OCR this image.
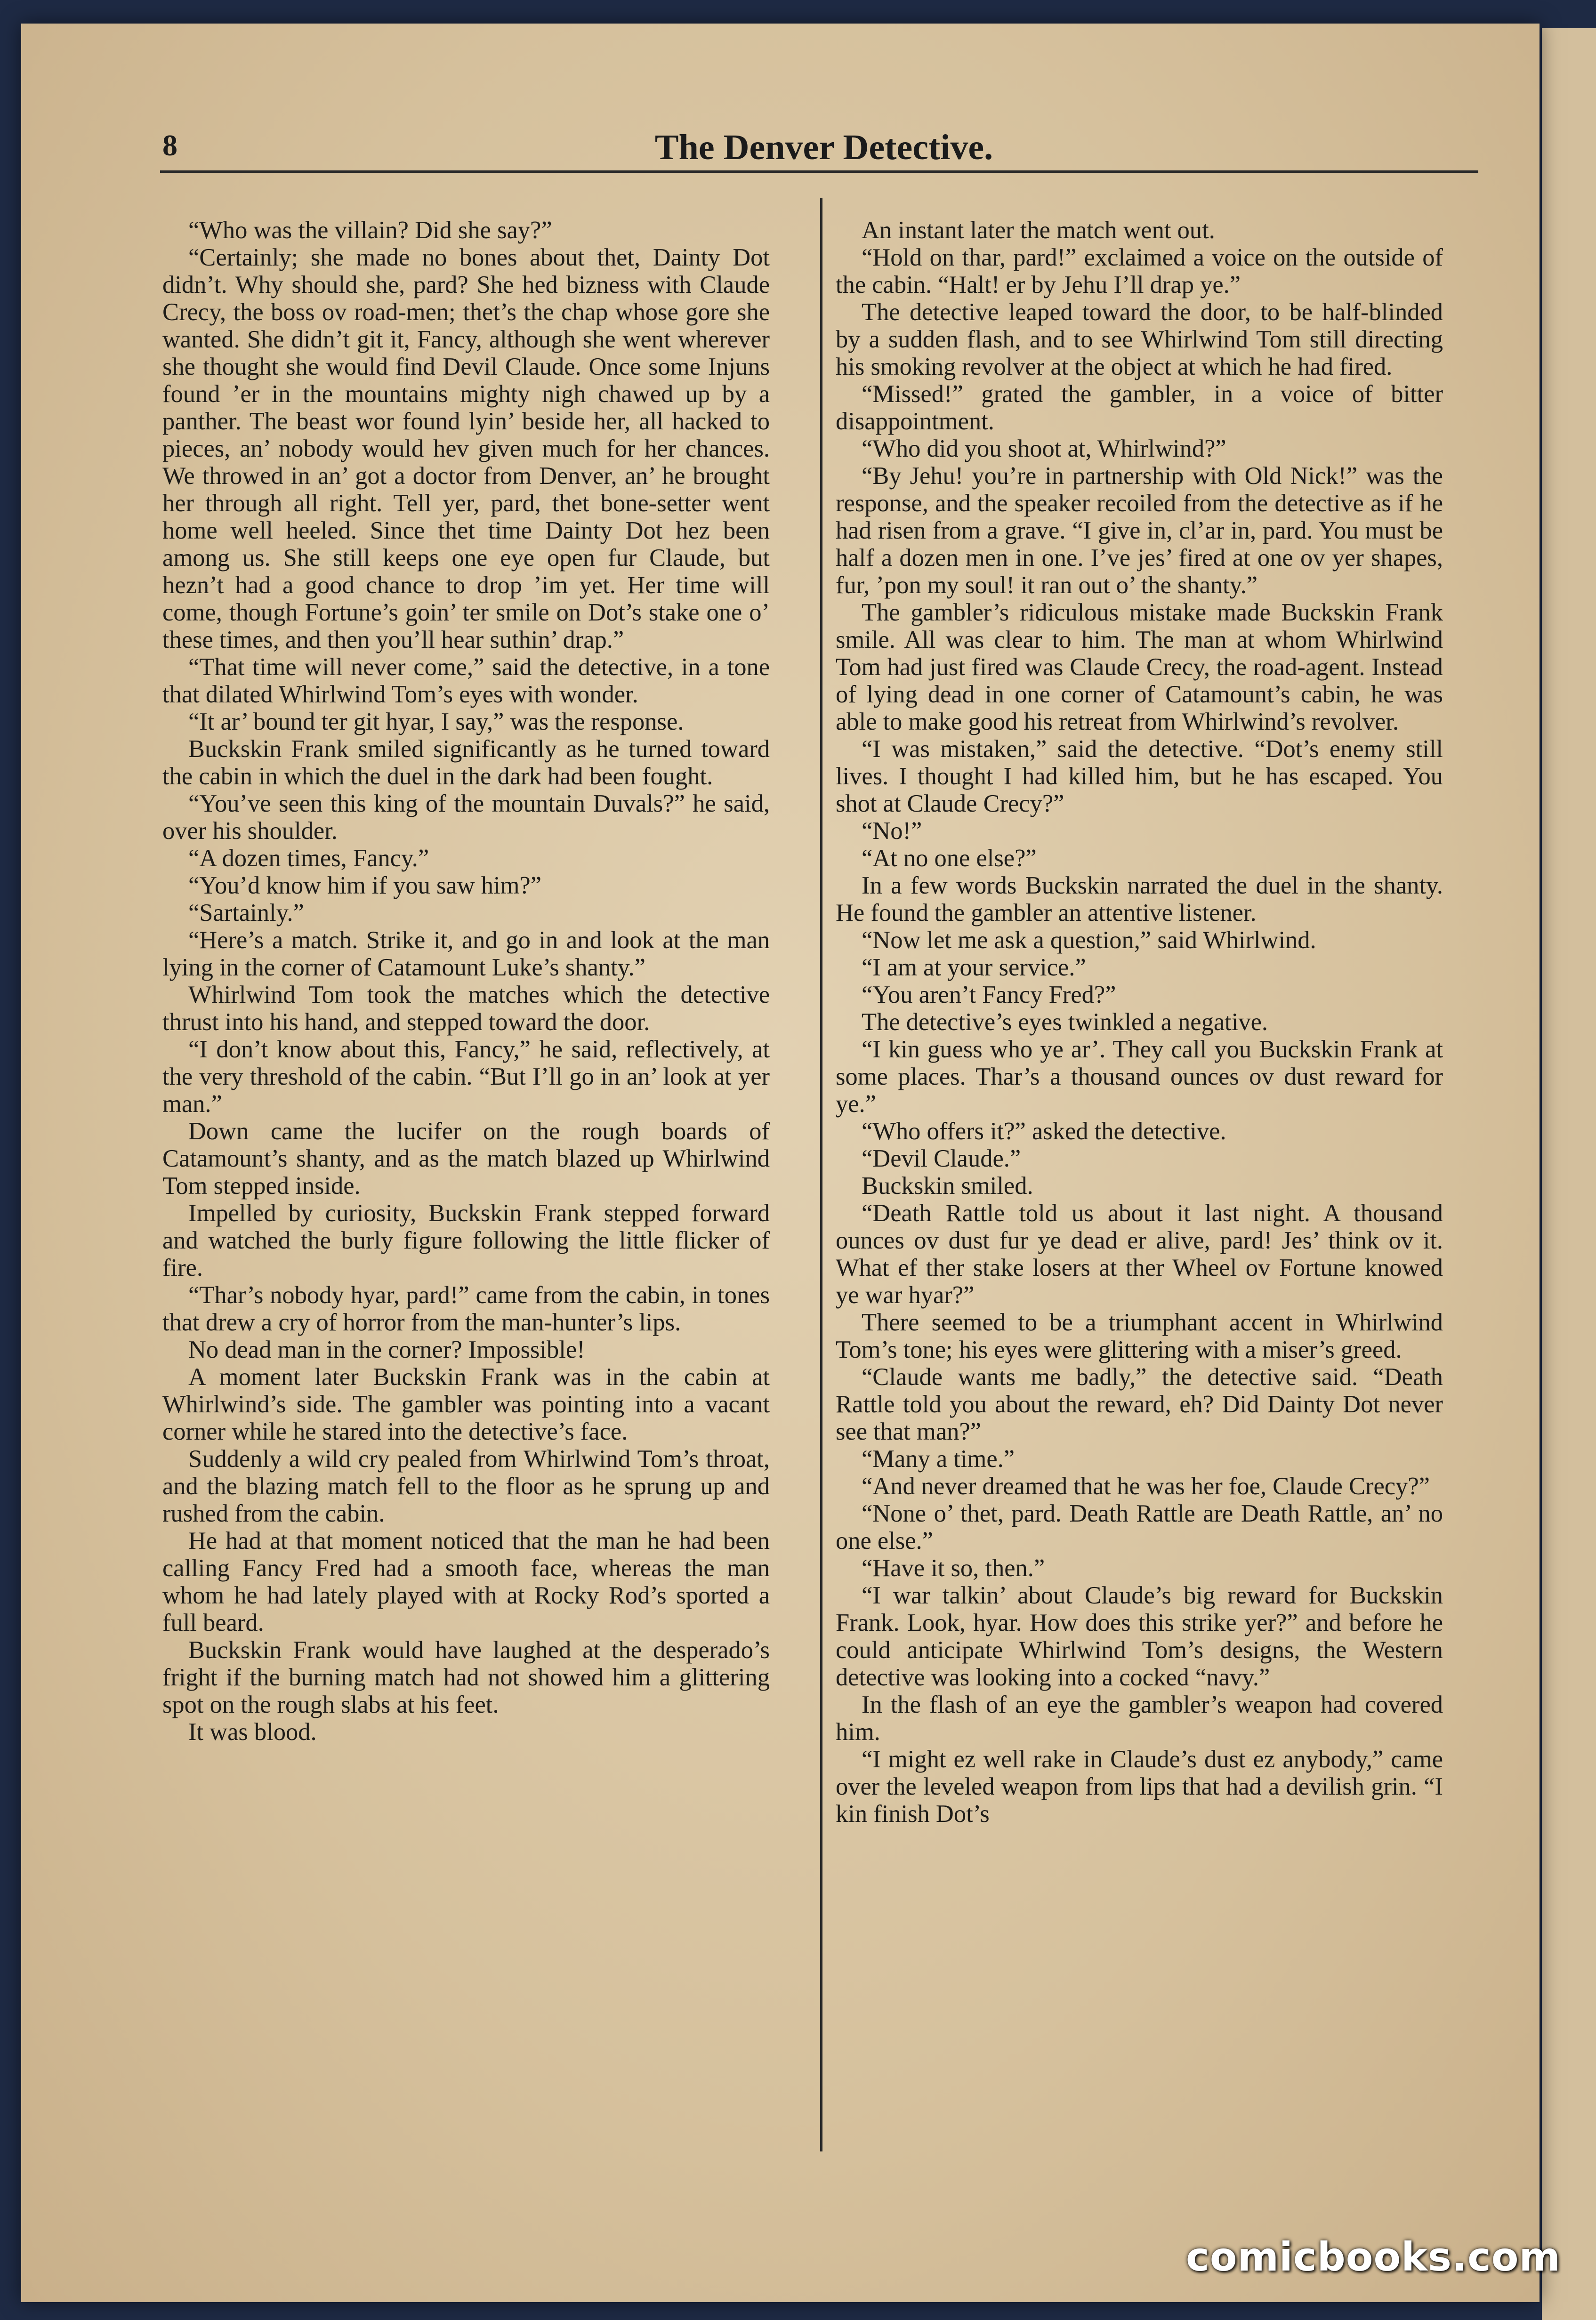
8	The Denver Detective.

“Who was the villain? Did she say?”

“Certainly; she made no bones about thet, Dainty Dot didn’t. Why should she, pard? She hed bizness with Claude Crecy, the boss ov road-men; thet’s the chap whose gore she wanted. She didn’t git it, Fancy, although she went wherever she thought she would find Devil Claude. Once some Injuns found ’er in the mountains mighty nigh chawed up by a panther. The beast wor found lyin’ beside her, all hacked to pieces, an’ nobody would hev given much for her chances. We throwed in an’ got a doctor from Denver, an’ he brought her through all right. Tell yer, pard, thet bone-setter went home well heeled. Since thet time Dainty Dot hez been among us. She still keeps one eye open fur Claude, but hezn’t had a good chance to drop ’im yet. Her time will come, though Fortune’s goin’ ter smile on Dot’s stake one o’ these times, and then you’ll hear suthin’ drap.”

“That time will never come,” said the detective, in a tone that dilated Whirlwind Tom’s eyes with wonder.

“It ar’ bound ter git hyar, I say,” was the response.

Buckskin Frank smiled significantly as he turned toward the cabin in which the duel in the dark had been fought.

“You’ve seen this king of the mountain Duvals?” he said, over his shoulder.

“A dozen times, Fancy.”

“You’d know him if you saw him?”

“Sartainly.”

“Here’s a match. Strike it, and go in and look at the man lying in the corner of Catamount Luke’s shanty.”

Whirlwind Tom took the matches which the detective thrust into his hand, and stepped toward the door.

“I don’t know about this, Fancy,” he said, reflectively, at the very threshold of the cabin. “But I’ll go in an’ look at yer man.”

Down came the lucifer on the rough boards of Catamount’s shanty, and as the match blazed up Whirlwind Tom stepped inside.

Impelled by curiosity, Buckskin Frank stepped forward and watched the burly figure following the little flicker of fire.

“Thar’s nobody hyar, pard!” came from the cabin, in tones that drew a cry of horror from the man-hunter’s lips.

No dead man in the corner? Impossible!

A moment later Buckskin Frank was in the cabin at Whirlwind’s side. The gambler was pointing into a vacant corner while he stared into the detective’s face.

Suddenly a wild cry pealed from Whirlwind Tom’s throat, and the blazing match fell to the floor as he sprung up and rushed from the cabin.

He had at that moment noticed that the man he had been calling Fancy Fred had a smooth face, whereas the man whom he had lately played with at Rocky Rod’s sported a full beard.

Buckskin Frank would have laughed at the desperado’s fright if the burning match had not showed him a glittering spot on the rough slabs at his feet.

It was blood.

An instant later the match went out.

“Hold on thar, pard!” exclaimed a voice on the outside of the cabin. “Halt! er by Jehu I’ll drap ye.”

The detective leaped toward the door, to be half-blinded by a sudden flash, and to see Whirlwind Tom still directing his smoking revolver at the object at which he had fired.

“Missed!” grated the gambler, in a voice of bitter disappointment.

“Who did you shoot at, Whirlwind?”

“By Jehu! you’re in partnership with Old Nick!” was the response, and the speaker recoiled from the detective as if he had risen from a grave. “I give in, cl’ar in, pard. You must be half a dozen men in one. I’ve jes’ fired at one ov yer shapes, fur, ’pon my soul! it ran out o’ the shanty.”

The gambler’s ridiculous mistake made Buckskin Frank smile. All was clear to him. The man at whom Whirlwind Tom had just fired was Claude Crecy, the road-agent. Instead of lying dead in one corner of Catamount’s cabin, he was able to make good his retreat from Whirlwind’s revolver.

“I was mistaken,” said the detective. “Dot’s enemy still lives. I thought I had killed him, but he has escaped. You shot at Claude Crecy?”

“No!”

“At no one else?”

In a few words Buckskin narrated the duel in the shanty. He found the gambler an attentive listener.

“Now let me ask a question,” said Whirlwind.

“I am at your service.”

“You aren’t Fancy Fred?”

The detective’s eyes twinkled a negative.

“I kin guess who ye ar’. They call you Buckskin Frank at some places. Thar’s a thousand ounces ov dust reward for ye.”

“Who offers it?” asked the detective.

“Devil Claude.”

Buckskin smiled.

“Death Rattle told us about it last night. A thousand ounces ov dust fur ye dead er alive, pard! Jes’ think ov it. What ef ther stake losers at ther Wheel ov Fortune knowed ye war hyar?”

There seemed to be a triumphant accent in Whirlwind Tom’s tone; his eyes were glittering with a miser’s greed.

“Claude wants me badly,” the detective said. “Death Rattle told you about the reward, eh? Did Dainty Dot never see that man?”

“Many a time.”

“And never dreamed that he was her foe, Claude Crecy?”

“None o’ thet, pard. Death Rattle are Death Rattle, an’ no one else.”

“Have it so, then.”

“I war talkin’ about Claude’s big reward for Buckskin Frank. Look, hyar. How does this strike yer?” and before he could anticipate Whirlwind Tom’s designs, the Western detective was looking into a cocked “navy.”

In the flash of an eye the gambler’s weapon had covered him.

“I might ez well rake in Claude’s dust ez anybody,” came over the leveled weapon from lips that had a devilish grin. “I kin finish Dot’s

comicbooks.com
